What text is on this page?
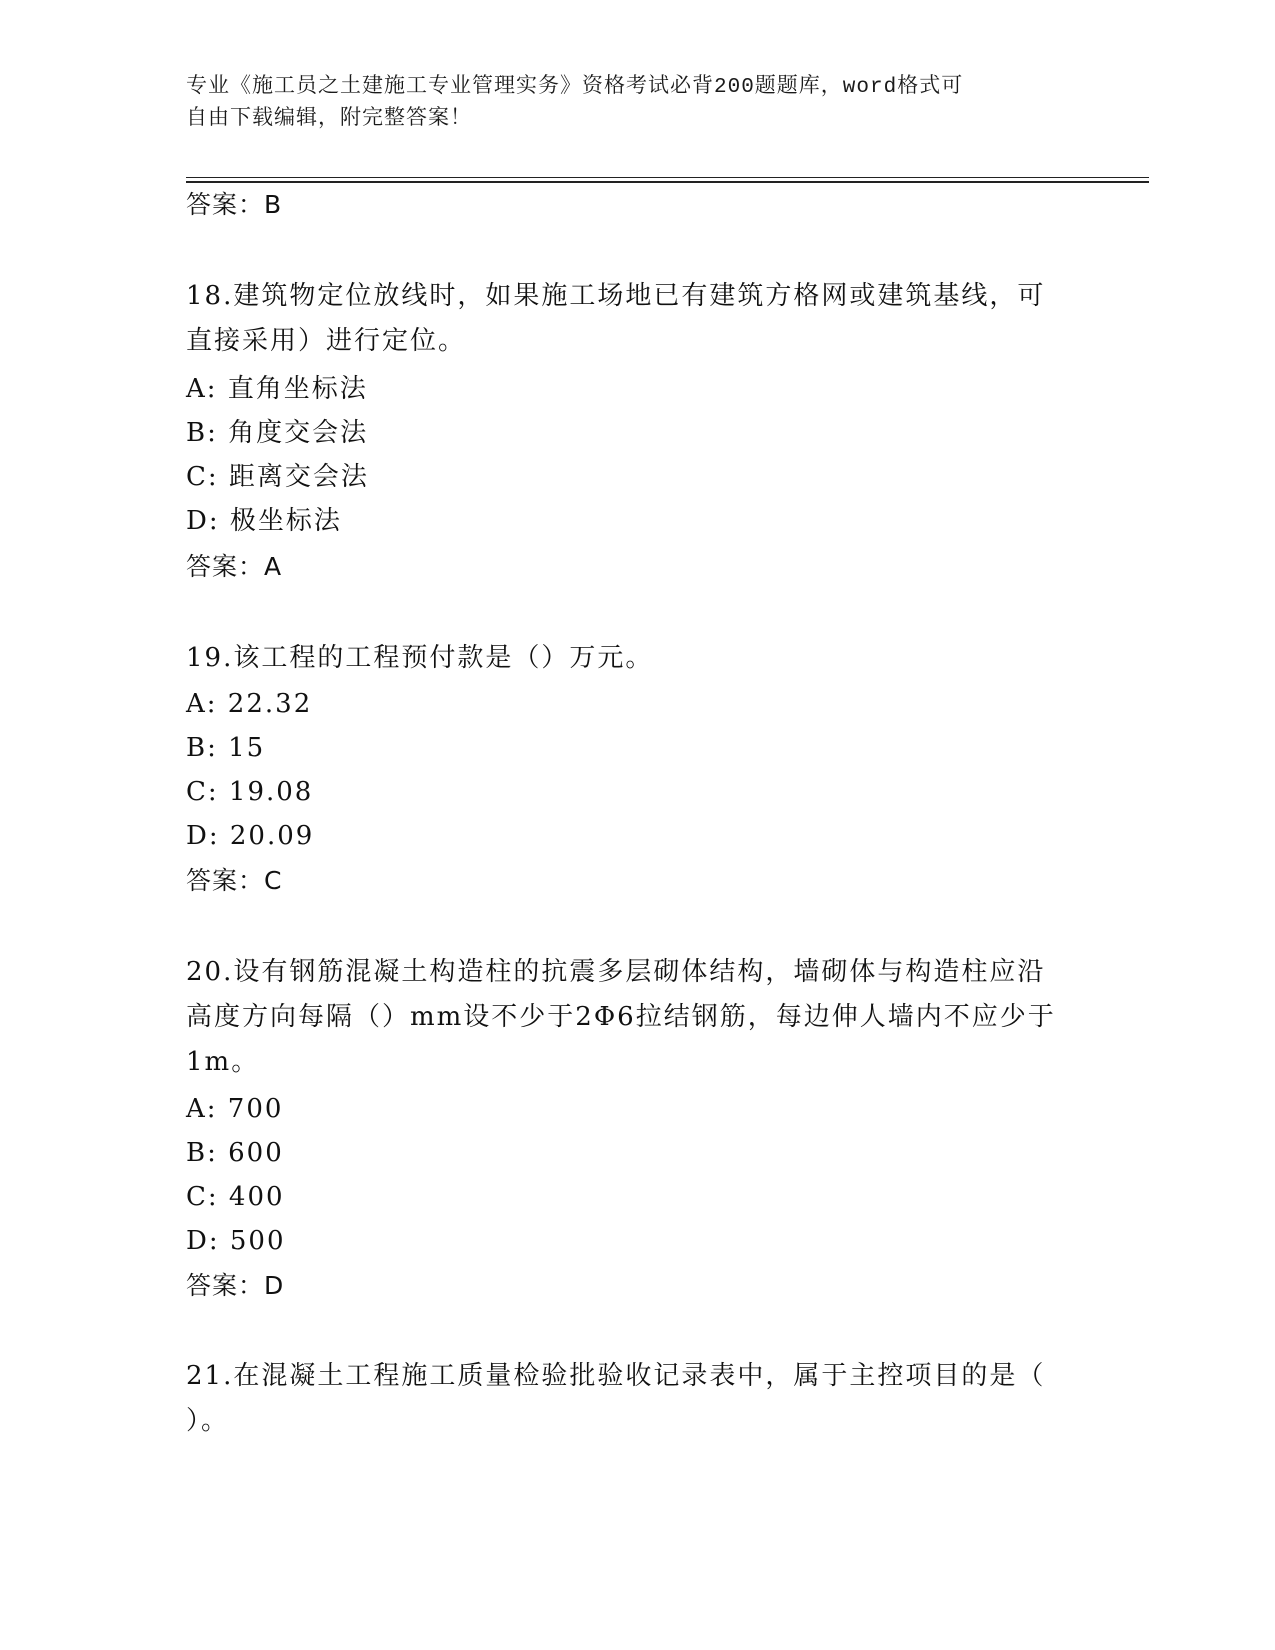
专业《施工员之土建施工专业管理实务》资格考试必背200题题库，word格式可
自由下载编辑，附完整答案！
答案：B
18.建筑物定位放线时，如果施工场地已有建筑方格网或建筑基线，可
直接采用）进行定位。
A: 直角坐标法
B: 角度交会法
C: 距离交会法
D: 极坐标法
答案：A
19.该工程的工程预付款是（）万元。
A: 22.32
B: 15
C: 19.08
D: 20.09
答案：C
20.设有钢筋混凝土构造柱的抗震多层砌体结构，墙砌体与构造柱应沿
高度方向每隔（）mm设不少于2Φ6拉结钢筋，每边伸人墙内不应少于
1m。
A: 700
B: 600
C: 400
D: 500
答案：D
21.在混凝土工程施工质量检验批验收记录表中，属于主控项目的是（
）。
